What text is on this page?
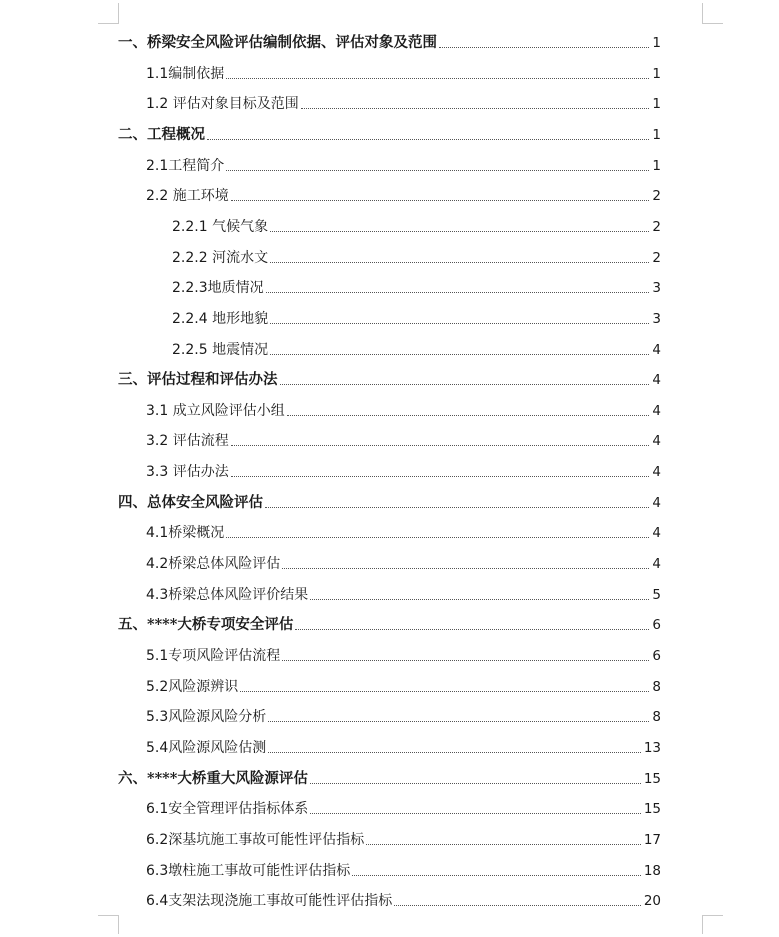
一、桥梁安全风险评估编制依据、评估对象及范围	1
1.1编制依据	1
1.2 评估对象目标及范围	1
二、工程概况	1
2.1工程简介	1
2.2 施工环境	2
2.2.1 气候气象	2
2.2.2 河流水文	2
2.2.3地质情况	3
2.2.4 地形地貌	3
2.2.5 地震情况	4
三、评估过程和评估办法	4
3.1 成立风险评估小组	4
3.2 评估流程	4
3.3 评估办法	4
四、总体安全风险评估	4
4.1桥梁概况	4
4.2桥梁总体风险评估	4
4.3桥梁总体风险评价结果	5
五、****大桥专项安全评估	6
5.1专项风险评估流程	6
5.2风险源辨识	8
5.3风险源风险分析	8
5.4风险源风险估测	13
六、****大桥重大风险源评估	15
6.1安全管理评估指标体系	15
6.2深基坑施工事故可能性评估指标	17
6.3墩柱施工事故可能性评估指标	18
6.4支架法现浇施工事故可能性评估指标	20
